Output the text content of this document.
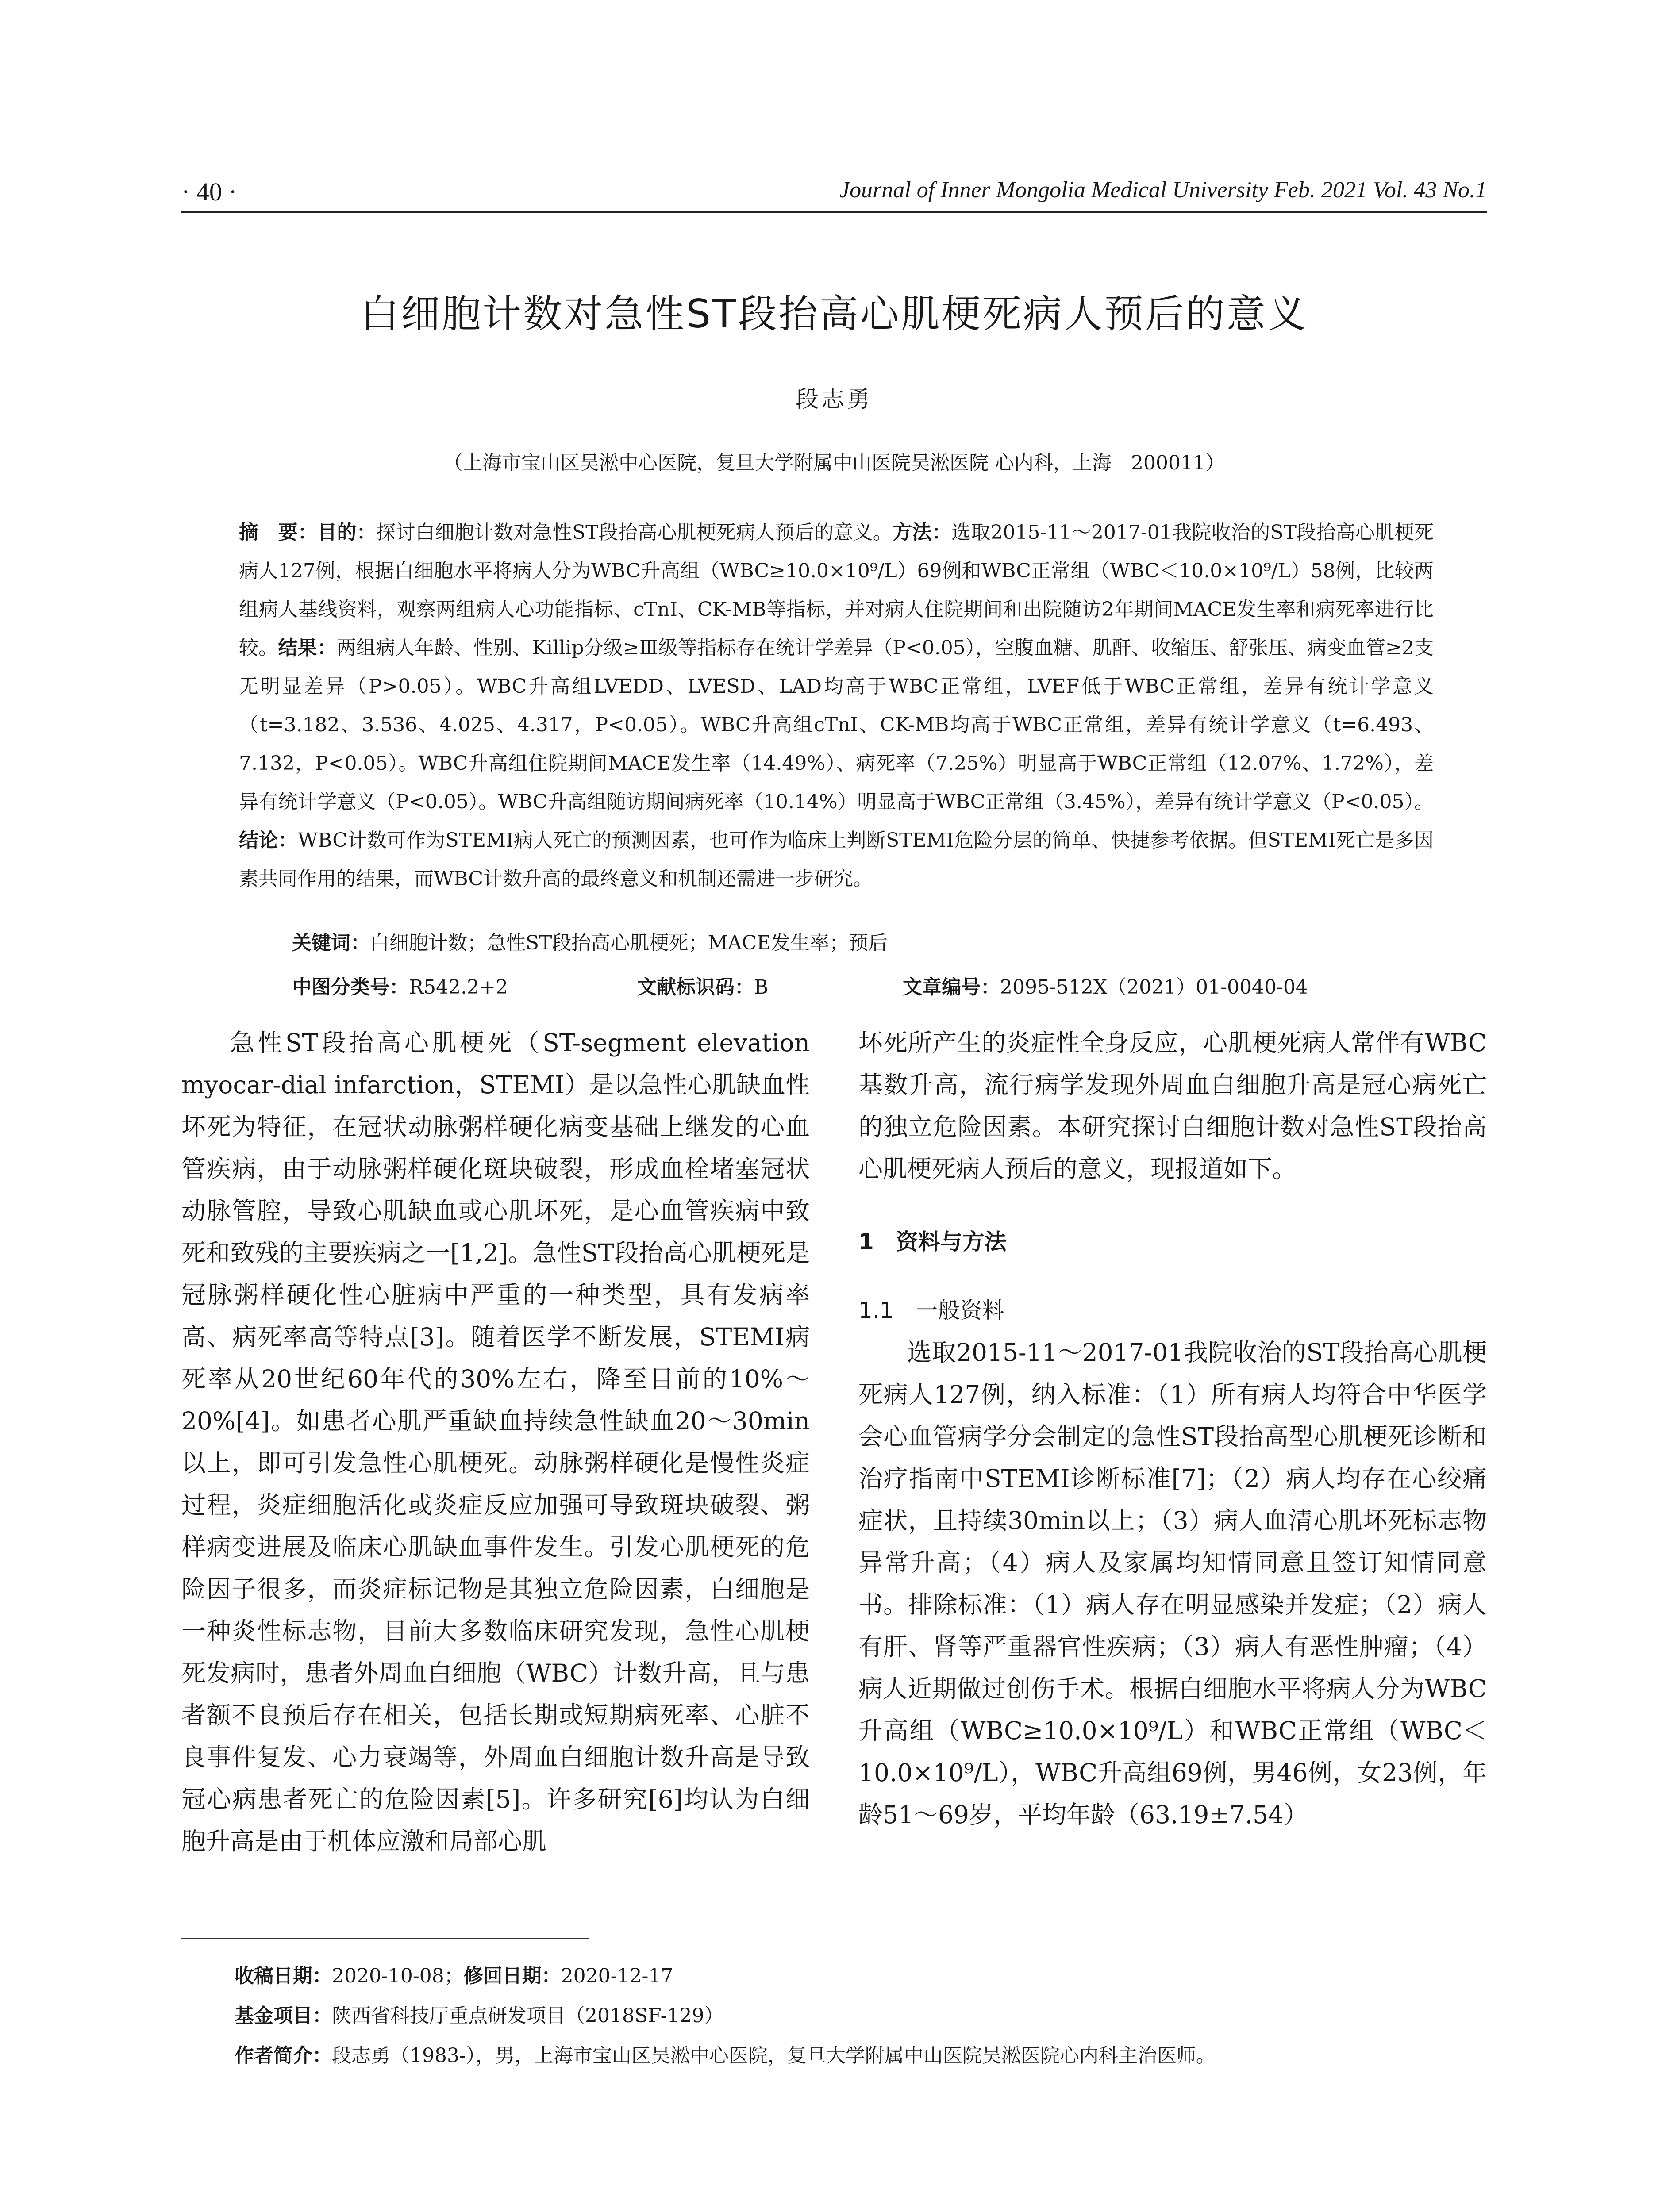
· 40 ·	Journal of Inner Mongolia Medical University Feb. 2021 Vol. 43 No.1
白细胞计数对急性ST段抬高心肌梗死病人预后的意义
段志勇
（上海市宝山区吴淞中心医院，复旦大学附属中山医院吴淞医院 心内科，上海　200011）
摘　要：目的：探讨白细胞计数对急性ST段抬高心肌梗死病人预后的意义。方法：选取2015-11～2017-01我院收治的ST段抬高心肌梗死病人127例，根据白细胞水平将病人分为WBC升高组（WBC≥10.0×10⁹/L）69例和WBC正常组（WBC＜10.0×10⁹/L）58例，比较两组病人基线资料，观察两组病人心功能指标、cTnI、CK-MB等指标，并对病人住院期间和出院随访2年期间MACE发生率和病死率进行比较。结果：两组病人年龄、性别、Killip分级≥Ⅲ级等指标存在统计学差异（P<0.05），空腹血糖、肌酐、收缩压、舒张压、病变血管≥2支无明显差异（P>0.05）。WBC升高组LVEDD、LVESD、LAD均高于WBC正常组，LVEF低于WBC正常组，差异有统计学意义（t=3.182、3.536、4.025、4.317，P<0.05）。WBC升高组cTnI、CK-MB均高于WBC正常组，差异有统计学意义（t=6.493、7.132，P<0.05）。WBC升高组住院期间MACE发生率（14.49%）、病死率（7.25%）明显高于WBC正常组（12.07%、1.72%），差异有统计学意义（P<0.05）。WBC升高组随访期间病死率（10.14%）明显高于WBC正常组（3.45%），差异有统计学意义（P<0.05）。结论：WBC计数可作为STEMI病人死亡的预测因素，也可作为临床上判断STEMI危险分层的简单、快捷参考依据。但STEMI死亡是多因素共同作用的结果，而WBC计数升高的最终意义和机制还需进一步研究。
关键词：白细胞计数；急性ST段抬高心肌梗死；MACE发生率；预后
中图分类号：R542.2+2	文献标识码：B	文章编号：2095-512X（2021）01-0040-04

急性ST段抬高心肌梗死（ST-segment elevation myocar-dial infarction，STEMI）是以急性心肌缺血性坏死为特征，在冠状动脉粥样硬化病变基础上继发的心血管疾病，由于动脉粥样硬化斑块破裂，形成血栓堵塞冠状动脉管腔，导致心肌缺血或心肌坏死，是心血管疾病中致死和致残的主要疾病之一[1,2]。急性ST段抬高心肌梗死是冠脉粥样硬化性心脏病中严重的一种类型，具有发病率高、病死率高等特点[3]。随着医学不断发展，STEMI病死率从20世纪60年代的30%左右，降至目前的10%～20%[4]。如患者心肌严重缺血持续急性缺血20～30min以上，即可引发急性心肌梗死。动脉粥样硬化是慢性炎症过程，炎症细胞活化或炎症反应加强可导致斑块破裂、粥样病变进展及临床心肌缺血事件发生。引发心肌梗死的危险因子很多，而炎症标记物是其独立危险因素，白细胞是一种炎性标志物，目前大多数临床研究发现，急性心肌梗死发病时，患者外周血白细胞（WBC）计数升高，且与患者额不良预后存在相关，包括长期或短期病死率、心脏不良事件复发、心力衰竭等，外周血白细胞计数升高是导致冠心病患者死亡的危险因素[5]。许多研究[6]均认为白细胞升高是由于机体应激和局部心肌

坏死所产生的炎症性全身反应，心肌梗死病人常伴有WBC基数升高，流行病学发现外周血白细胞升高是冠心病死亡的独立危险因素。本研究探讨白细胞计数对急性ST段抬高心肌梗死病人预后的意义，现报道如下。

1　资料与方法
1.1　一般资料

选取2015-11～2017-01我院收治的ST段抬高心肌梗死病人127例，纳入标准：（1）所有病人均符合中华医学会心血管病学分会制定的急性ST段抬高型心肌梗死诊断和治疗指南中STEMI诊断标准[7]；（2）病人均存在心绞痛症状，且持续30min以上；（3）病人血清心肌坏死标志物异常升高；（4）病人及家属均知情同意且签订知情同意书。排除标准：（1）病人存在明显感染并发症；（2）病人有肝、肾等严重器官性疾病；（3）病人有恶性肿瘤；（4）病人近期做过创伤手术。根据白细胞水平将病人分为WBC升高组（WBC≥10.0×10⁹/L）和WBC正常组（WBC＜10.0×10⁹/L），WBC升高组69例，男46例，女23例，年龄51～69岁，平均年龄（63.19±7.54）

收稿日期：2020-10-08；修回日期：2020-12-17
基金项目：陕西省科技厅重点研发项目（2018SF-129）
作者简介：段志勇（1983-），男，上海市宝山区吴淞中心医院，复旦大学附属中山医院吴淞医院心内科主治医师。
